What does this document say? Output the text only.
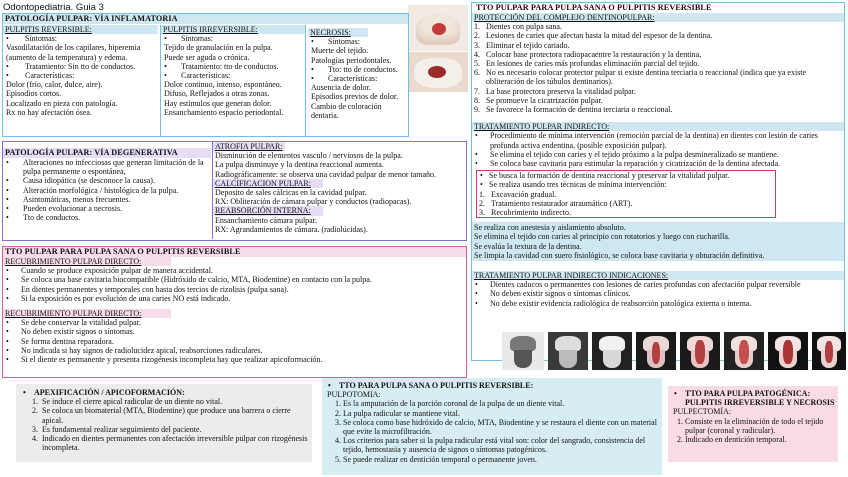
Odontopediatria. Guia 3
PATOLOGÍA PULPAR: VÍA INFLAMATORIA
PULPITIS REVERSIBLE:
• Síntomas:
Vasodilatación de los capilares, hiperemia (aumento de la temperatura) y edema.
• Tratamiento: Sin tto de conductos.
• Características:
Dolor (frío, calor, dulce, aire).
Episodios cortos.
Localizado en pieza con patología.
Rx no hay afectación ósea.
PULPITIS IRREVERSIBLE:
• Síntomas:
Tejido de granulación en la pulpa.
Puede ser aguda o crónica.
• Tratamiento: tto de conductos.
• Características:
Dolor continuo, intenso, espontáneo.
Difuso, Reflejados a otras zonas.
Hay estímulos que generan dolor.
Ensanchamiento espacio periodontal.
NECROSIS:
• Síntomas:
Muerte del tejido.
Patologías periodontales.
• Tto: tto de conductos.
• Características:
Ausencia de dolor.
Episodios previos de dolor.
Cambio de coloración dentaria.
PATOLOGÍA PULPAR: VÍA DEGENERATIVA
• Alteraciones no infecciosas que generan limitación de la pulpa permanente o espontánea,
• Causa idiopática (se desconoce la causa).
• Alteración morfológica / histológica de la pulpa.
• Asintomáticas, menos frecuentes.
• Pueden evolucionar a necrosis.
• Tto de conductos.
ATROFIA PULPAR:
Disminución de elementos vasculo / nerviosos de la pulpa.
La pulpa disminuye y la dentina reaccional aumenta.
Radiográficamente: se observa una cavidad pulpar de menor tamaño.
CALCIFICACION PULPAR:
Deposito de sales cálcicas en la cavidad pulpar.
RX: Obliteración de cámara pulpar y conductos (radiopacas).
REABSORCIÓN INTERNA:
Ensanchamiento cámara pulpar.
RX: Agrandamientos de cámara. (radiolúcidas).
TTO PULPAR PARA PULPA SANA O PULPITIS REVERSIBLE
RECUBRIMIENTO PULPAR DIRECTO:
• Cuando se produce exposición pulpar de manera accidental.
• Se coloca una base cavitaria biocompatible (Hidróxido de calcio, MTA, Biodentine) en contacto con la pulpa.
• En dientes permanentes y temporales con hasta dos tercios de rizolisis (pulpa sana).
• Si la exposición es por evolución de una caries NO está indicado.
RECUBRIMIENTO PULPAR DIRECTO:
• Se debe conservar la vitalidad pulpar.
• No deben existir signos o síntomas.
• Se forma dentina reparadora.
• No indicada si hay signos de radiolucidez apical, reabsorciones radiculares.
• Si el diente es permanente y presenta rizogénesis incompleta hay que realizar apicoformación.
TTO PULPAR PARA PULPA SANA O PULPITIS REVERSIBLE
PROTECCIÓN DEL COMPLEJO DENTINOPULPAR:
1. Dientes con pulpa sana.
2. Lesiones de caries que afectan hasta la mitad del espesor de la dentina.
3. Eliminar el tejido cariado.
4. Colocar base protectora radiopacaentre la restauración y la dentina,
5. En lesiones de caries más profundas eliminación parcial del tejido.
6. No es necesario colocar protector pulpar si existe dentina terciaria o reaccional (indica que ya existe obliteración de los túbulos dentinarios).
7. La base protectora preserva la vitalidad pulpar.
8. Se promueve la cicatrización pulpar.
9. Se favorece la formación de dentina terciaria o reaccional.
TRATAMIENTO PULPAR INDIRECTO:
• Procedimiento de mínima intervención (remoción parcial de la dentina) en dientes con lesión de caries profunda activa endentina, (posible exposición pulpar).
• Se elimina el tejido con caries y el tejido próximo a la pulpa desmineralizado se mantiene.
• Se coloca base cavitaria para estimular la reparación y cicatrización de la dentina afectada.
• Se busca la formación de dentina reaccional y preservar la vitalidad pulpar.
• Se realiza usando tres técnicas de mínima intervención:
1. Excavación gradual.
2. Tratamiento restaurador atraumático (ART).
3. Recubrimiento indirecto.
Se realiza con anestesia y aislamiento absoluto.
Se elimina el tejido con caries al principio con rotatorios y luego con cucharilla.
Se evalúa la textura de la dentina.
Se limpia la cavidad con suero fisiológico, se coloca base cavitaria y obturación definitiva.
TRATAMIENTO PULPAR INDIRECTO INDICACIONES:
• Dientes caducos o permanentes con lesiones de caries profundas con afectación pulpar reversible
• No deben existir signos o síntomas clínicos.
• No debe existir evidencia radiológica de reabsorción patológica externa o interna.
• APEXIFICACIÓN / APICOFORMACIÓN:
1. Se induce el cierre apical radicular de un diente no vital.
2. Se coloca un biomaterial (MTA, Biodentine) que produce una barrera o cierre apical.
3. Es fundamental realizar seguimiento del paciente.
4. Indicado en dientes permanentes con afectación irreversible pulpar con rizogénesis incompleta.
• TTO PARA PULPA SANA O PULPITIS REVERSIBLE:
PULPOTOMIA:
1. Es la amputación de la porción coronal de la pulpa de un diente vital.
2. La pulpa radicular se mantiene vital.
3. Se coloca como base hidróxido de calcio, MTA, Biodentine y se restaura el diente con un material que evite la microfiltración.
4. Los criterios para saber si la pulpa radicular está vital son: color del sangrado, consistencia del tejido, hemostasia y ausencia de signos o síntomas patogénicos.
5. Se puede realizar en dentición temporal o permanente joven.
• TTO PARA PULPA PATOGÉNICA: PULPITIS IRREVERSIBLE Y NECROSIS
PULPECTOMÍA:
1. Consiste en la eliminación de todo el tejido pulpar (coronal y radicular).
2. Indicado en dentición temporal.
